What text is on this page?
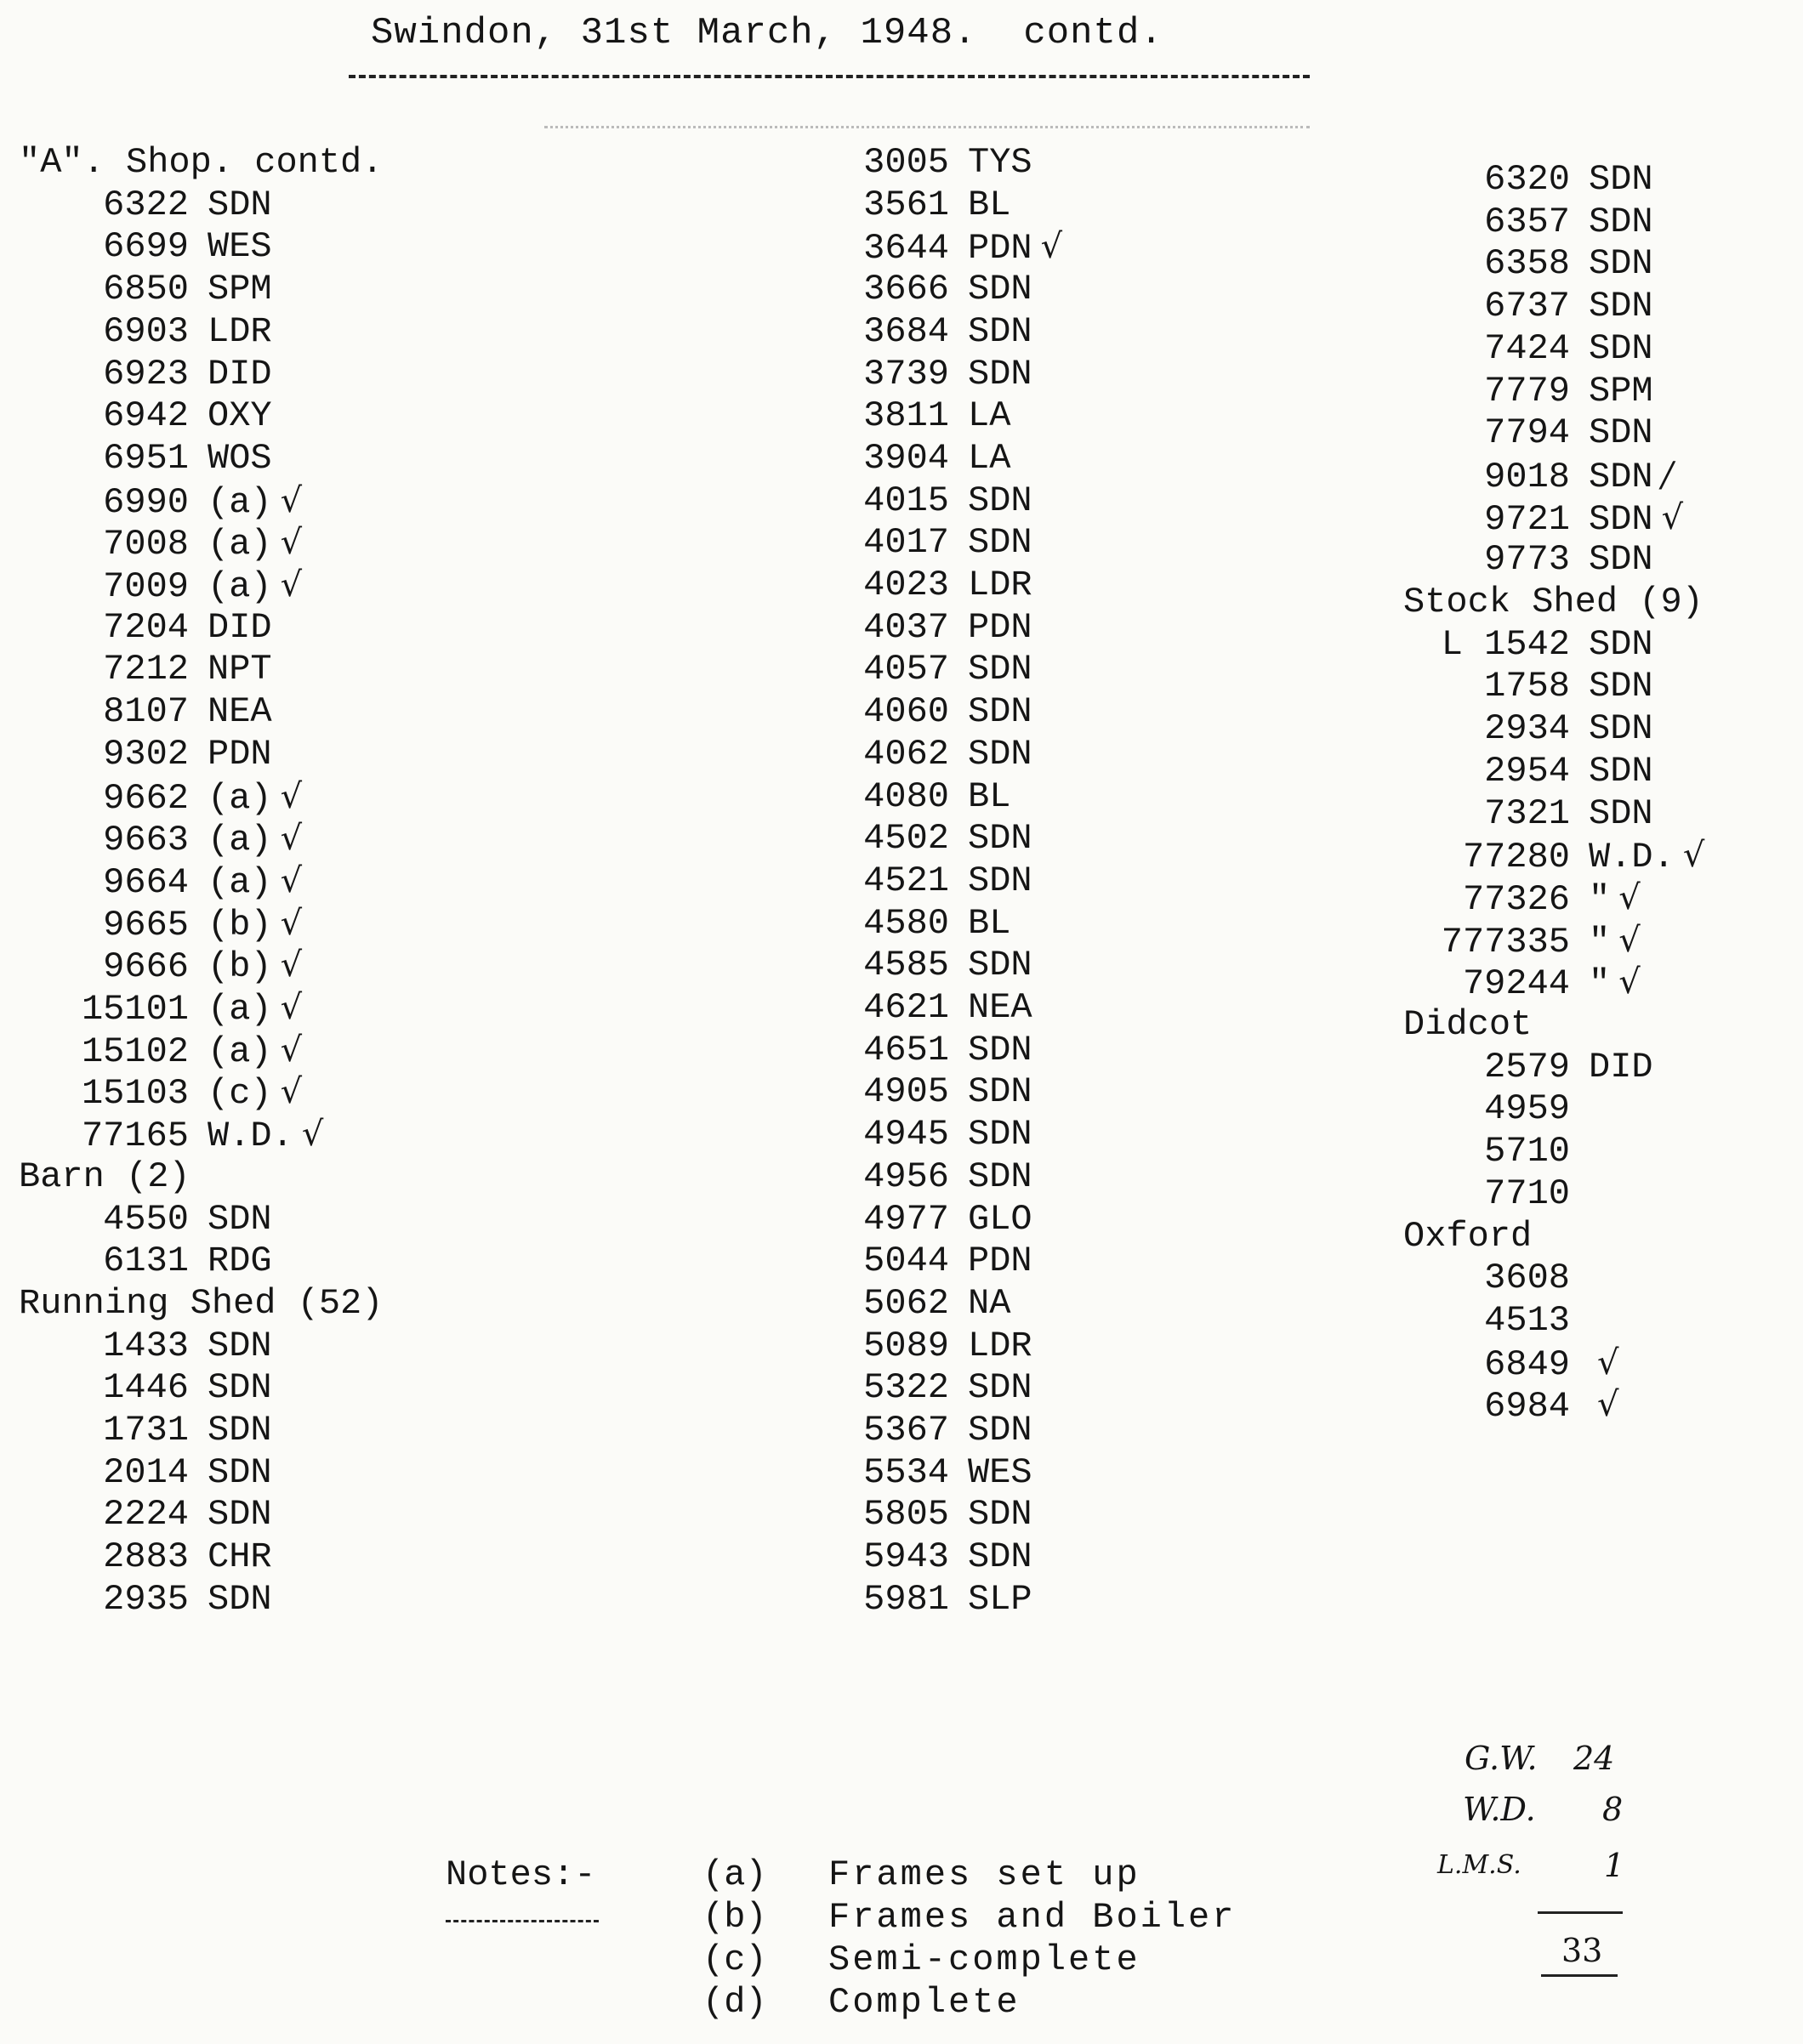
Swindon, 31st March, 1948.  contd.
"A". Shop. contd.
6322 SDN
6699 WES
6850 SPM
6903 LDR
6923 DID
6942 OXY
6951 WOS
6990 (a) √
7008 (a) √
7009 (a) √
7204 DID
7212 NPT
8107 NEA
9302 PDN
9662 (a) √
9663 (a) √
9664 (a) √
9665 (b) √
9666 (b) √
15101 (a) √
15102 (a) √
15103 (c) √
77165 W.D. √
Barn (2)
4550 SDN
6131 RDG
Running Shed (52)
1433 SDN
1446 SDN
1731 SDN
2014 SDN
2224 SDN
2883 CHR
2935 SDN
3005 TYS
3561 BL
3644 PDN √
3666 SDN
3684 SDN
3739 SDN
3811 LA
3904 LA
4015 SDN
4017 SDN
4023 LDR
4037 PDN
4057 SDN
4060 SDN
4062 SDN
4080 BL
4502 SDN
4521 SDN
4580 BL
4585 SDN
4621 NEA
4651 SDN
4905 SDN
4945 SDN
4956 SDN
4977 GLO
5044 PDN
5062 NA
5089 LDR
5322 SDN
5367 SDN
5534 WES
5805 SDN
5943 SDN
5981 SLP
6320 SDN
6357 SDN
6358 SDN
6737 SDN
7424 SDN
7779 SPM
7794 SDN
9018 SDN /
9721 SDN √
9773 SDN
Stock Shed (9)
L 1542 SDN
1758 SDN
2934 SDN
2954 SDN
7321 SDN
77280 W.D. √
77326 " √
777335 " √
79244 " √
Didcot
2579 DID
4959
5710
7710
Oxford
3608
4513
6849 √
6984 √
G.W. 24
W.D. 8
L.M.S.	1
33
Notes:-	(a) Frames set up
(b) Frames and Boiler
(c) Semi-complete
(d) Complete
